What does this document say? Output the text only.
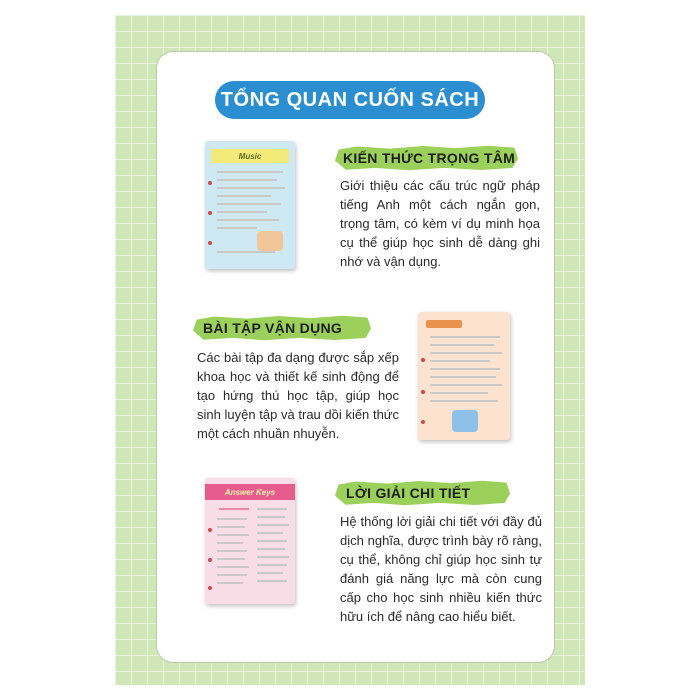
TỔNG QUAN CUỐN SÁCH
Music	KIẾN THỨC TRỌNG TÂM
Giới thiệu các cấu trúc ngữ pháp tiếng Anh một cách ngắn gọn, trọng tâm, có kèm ví dụ minh họa cụ thể giúp học sinh dễ dàng ghi nhớ và vận dụng.
BÀI TẬP VẬN DỤNG
Các bài tập đa dạng được sắp xếp khoa học và thiết kế sinh động để tạo hứng thú học tập, giúp học sinh luyện tập và trau dồi kiến thức một cách nhuần nhuyễn.
Answer Keys	LỜI GIẢI CHI TIẾT
Hệ thống lời giải chi tiết với đầy đủ dịch nghĩa, được trình bày rõ ràng, cụ thể, không chỉ giúp học sinh tự đánh giá năng lực mà còn cung cấp cho học sinh nhiều kiến thức hữu ích để nâng cao hiểu biết.
